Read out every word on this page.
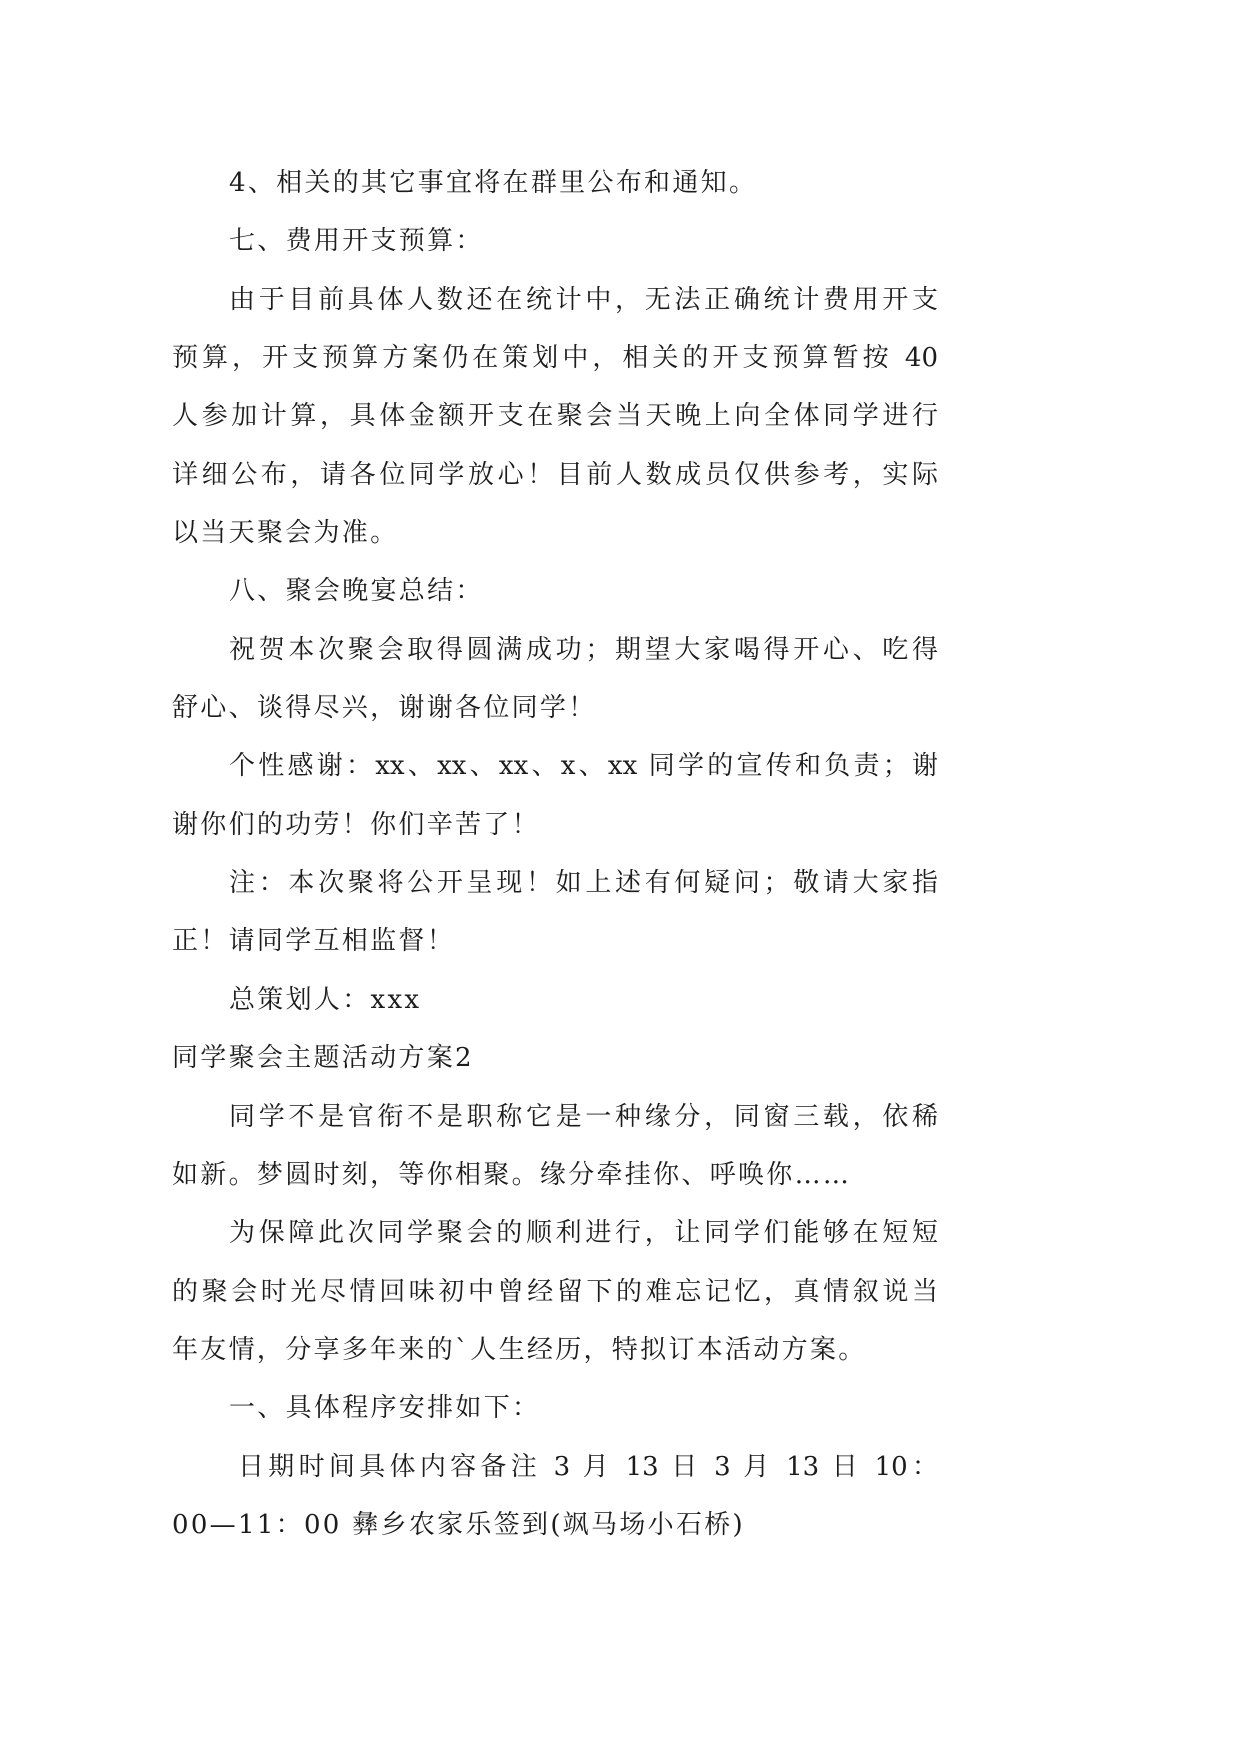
4、相关的其它事宜将在群里公布和通知。
七、费用开支预算：
由于目前具体人数还在统计中，无法正确统计费用开支
预算，开支预算方案仍在策划中，相关的开支预算暂按 40
人参加计算，具体金额开支在聚会当天晚上向全体同学进行
详细公布，请各位同学放心！目前人数成员仅供参考，实际
以当天聚会为准。
八、聚会晚宴总结：
祝贺本次聚会取得圆满成功；期望大家喝得开心、吃得
舒心、谈得尽兴，谢谢各位同学！
个性感谢：xx、xx、xx、x、xx 同学的宣传和负责；谢
谢你们的功劳！你们辛苦了！
注：本次聚将公开呈现！如上述有何疑问；敬请大家指
正！请同学互相监督！
总策划人：xxx
同学聚会主题活动方案2
同学不是官衔不是职称它是一种缘分，同窗三载，依稀
如新。梦圆时刻，等你相聚。缘分牵挂你、呼唤你……
为保障此次同学聚会的顺利进行，让同学们能够在短短
的聚会时光尽情回味初中曾经留下的难忘记忆，真情叙说当
年友情，分享多年来的`人生经历，特拟订本活动方案。
一、具体程序安排如下：
日期时间具体内容备注 3 月 13 日 3 月 13 日 10：
00—11：00 彝乡农家乐签到(飒马场小石桥)
